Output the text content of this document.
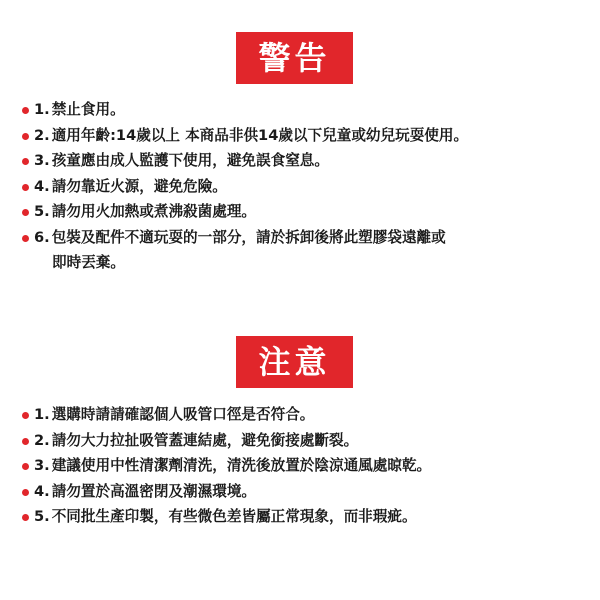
警告
1. 禁止食用。
2. 適用年齡:14歲以上 本商品非供14歲以下兒童或幼兒玩耍使用。
3. 孩童應由成人監護下使用，避免誤食窒息。
4. 請勿靠近火源，避免危險。
5. 請勿用火加熱或煮沸殺菌處理。
6. 包裝及配件不適玩耍的一部分，請於拆卸後將此塑膠袋遠離或
即時丟棄。
注意
1. 選購時請請確認個人吸管口徑是否符合。
2. 請勿大力拉扯吸管蓋連結處，避免銜接處斷裂。
3. 建議使用中性清潔劑清洗，清洗後放置於陰涼通風處晾乾。
4. 請勿置於高溫密閉及潮濕環境。
5. 不同批生產印製，有些微色差皆屬正常現象，而非瑕疵。
